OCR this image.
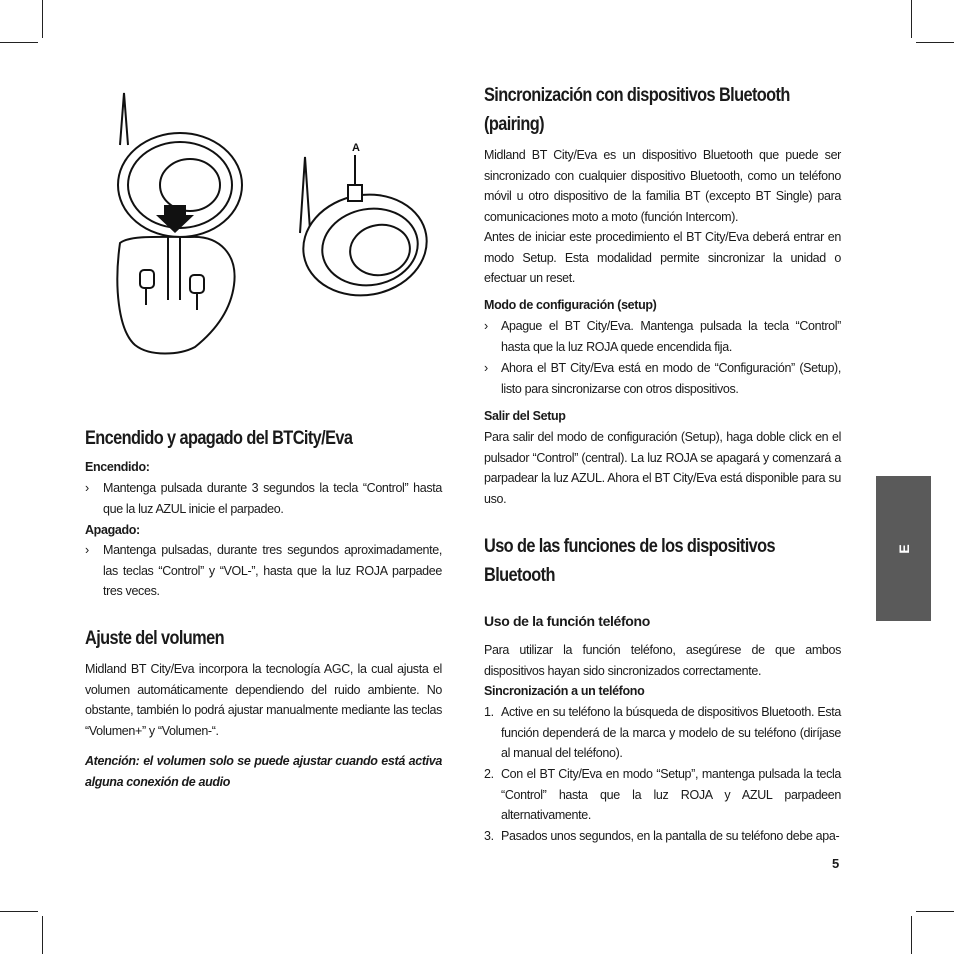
A
Encendido y apagado del BTCity/Eva
Encendido:
› Mantenga pulsada durante 3 segundos la tecla “Control” hasta que la luz AZUL inicie el parpadeo.
Apagado:
› Mantenga pulsadas, durante tres segundos aproximadamente, las teclas “Control” y “VOL-”, hasta que la luz ROJA parpadee tres veces.
Ajuste del volumen
Midland BT City/Eva incorpora la tecnología AGC, la cual ajusta el volumen automáticamente dependiendo del ruido ambiente. No obstante, también lo podrá ajustar manualmente mediante las teclas “Volumen+” y “Volumen-“.
Atención: el volumen solo se puede ajustar cuando está activa alguna conexión de audio
Sincronización con dispositivos Bluetooth (pairing)
Midland BT City/Eva es un dispositivo Bluetooth que puede ser sincronizado con cualquier dispositivo Bluetooth, como un teléfono móvil u otro dispositivo de la familia BT (excepto BT Single) para comunicaciones moto a moto (función Intercom).
Antes de iniciar este procedimiento el BT City/Eva deberá entrar en modo Setup. Esta modalidad permite sincronizar la unidad o efectuar un reset.
Modo de configuración (setup)
› Apague el BT City/Eva. Mantenga pulsada la tecla “Control” hasta que la luz ROJA quede encendida fija.
› Ahora el BT City/Eva está en modo de “Configuración” (Setup), listo para sincronizarse con otros dispositivos.
Salir del Setup
Para salir del modo de configuración (Setup), haga doble click en el pulsador “Control” (central). La luz ROJA se apagará y comenzará a parpadear la luz AZUL. Ahora el BT City/Eva está disponible para su uso.
Uso de las funciones de los dispositivos Bluetooth
Uso de la función teléfono
Para utilizar la función teléfono, asegúrese de que ambos dispositivos hayan sido sincronizados correctamente.
Sincronización a un teléfono
1. Active en su teléfono la búsqueda de dispositivos Bluetooth. Esta función dependerá de la marca y modelo de su teléfono (diríjase al manual del teléfono).
2. Con el BT City/Eva en modo “Setup”, mantenga pulsada la tecla “Control” hasta que la luz ROJA y AZUL parpadeen alternativamente.
3. Pasados unos segundos, en la pantalla de su teléfono debe apa-
E
5
